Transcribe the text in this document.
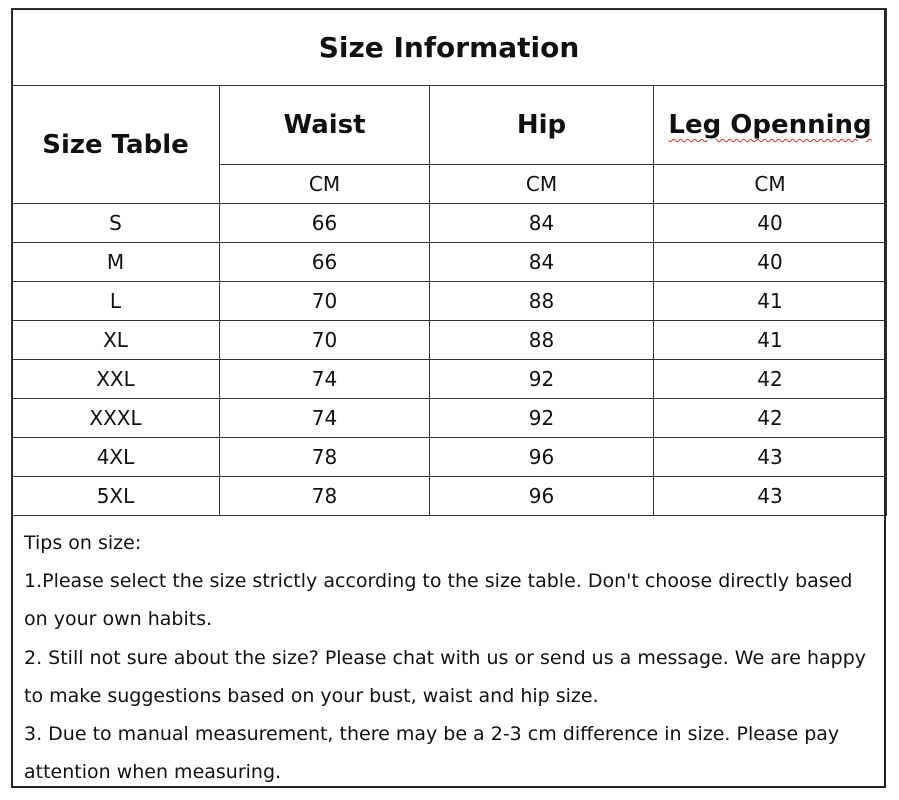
Size Information			
Size Table	Waist	Hip	Leg Openning
	CM	CM	CM
S	66	84	40
M	66	84	40
L	70	88	41
XL	70	88	41
XXL	74	92	42
XXXL	74	92	42
4XL	78	96	43
5XL	78	96	43

Tips on size:

1.Please select the size strictly according to the size table. Don't choose directly based on your own habits.

2. Still not sure about the size? Please chat with us or send us a message. We are happy to make suggestions based on your bust, waist and hip size.

3. Due to manual measurement, there may be a 2-3 cm difference in size. Please pay attention when measuring.
